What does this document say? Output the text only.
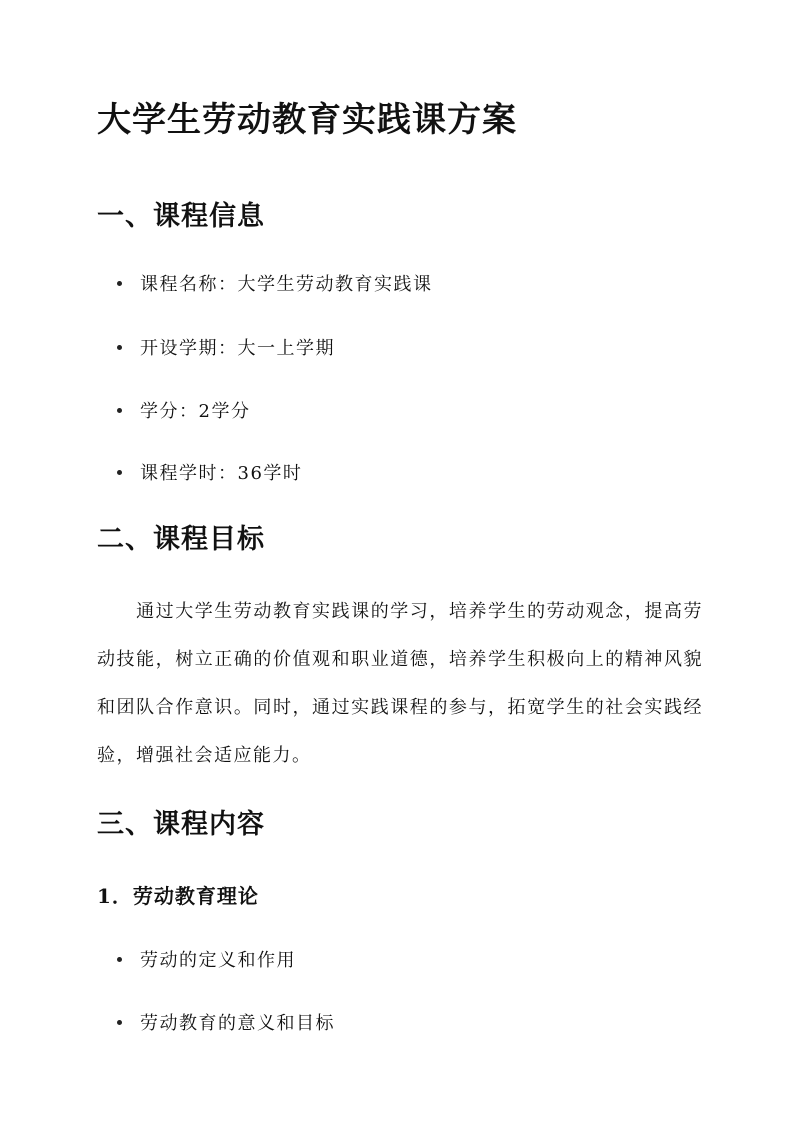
大学生劳动教育实践课方案
一、课程信息
课程名称：大学生劳动教育实践课
开设学期：大一上学期
学分：2学分
课程学时：36学时
二、课程目标

　　通过大学生劳动教育实践课的学习，培养学生的劳动观念，提高劳动技能，树立正确的价值观和职业道德，培养学生积极向上的精神风貌和团队合作意识。同时，通过实践课程的参与，拓宽学生的社会实践经验，增强社会适应能力。

三、课程内容
1．劳动教育理论
劳动的定义和作用
劳动教育的意义和目标
